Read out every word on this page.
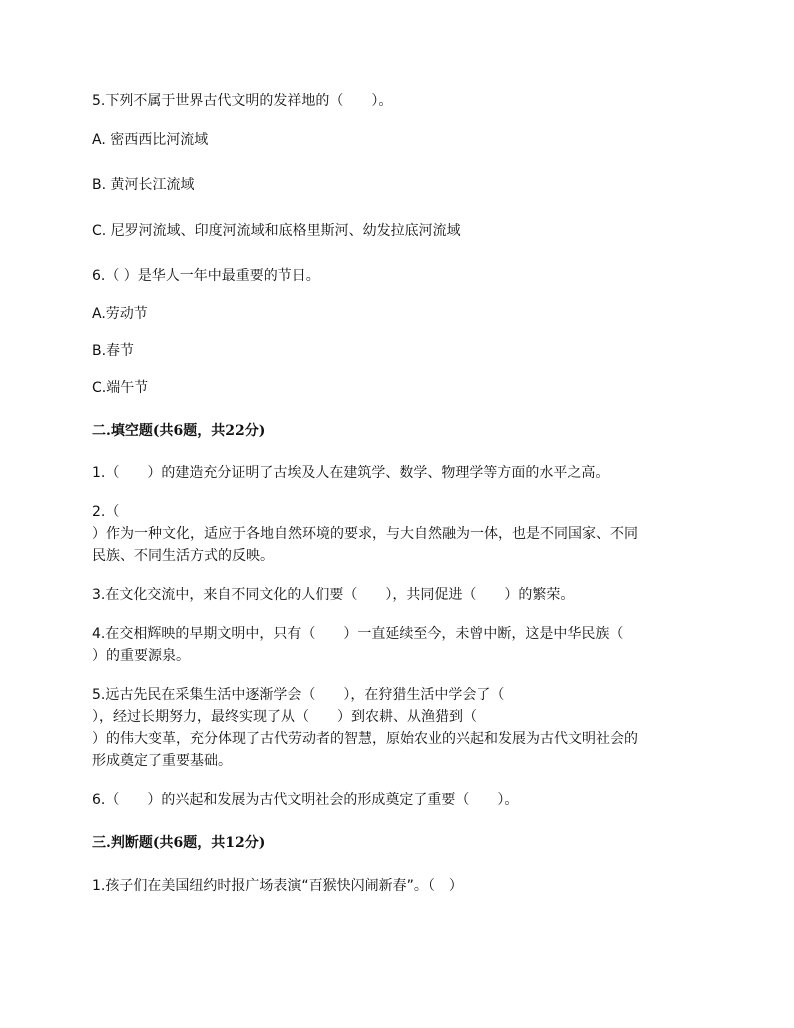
5.下列不属于世界古代文明的发祥地的（　　）。
A. 密西西比河流域
B. 黄河长江流域
C. 尼罗河流域、印度河流域和底格里斯河、幼发拉底河流域
6.（ ）是华人一年中最重要的节日。
A.劳动节
B.春节
C.端午节
二.填空题(共6题，共22分)
1.（　　）的建造充分证明了古埃及人在建筑学、数学、物理学等方面的水平之高。
2.（
）作为一种文化，适应于各地自然环境的要求，与大自然融为一体，也是不同国家、不同
民族、不同生活方式的反映。
3.在文化交流中，来自不同文化的人们要（　　），共同促进（　　）的繁荣。
4.在交相辉映的早期文明中，只有（　　）一直延续至今，未曾中断，这是中华民族（
）的重要源泉。
5.远古先民在采集生活中逐渐学会（　　），在狩猎生活中学会了（
），经过长期努力，最终实现了从（　　）到农耕、从渔猎到（
）的伟大变革，充分体现了古代劳动者的智慧，原始农业的兴起和发展为古代文明社会的
形成奠定了重要基础。
6.（　　）的兴起和发展为古代文明社会的形成奠定了重要（　　）。
三.判断题(共6题，共12分)
1.孩子们在美国纽约时报广场表演“百猴快闪闹新春”。（　）
